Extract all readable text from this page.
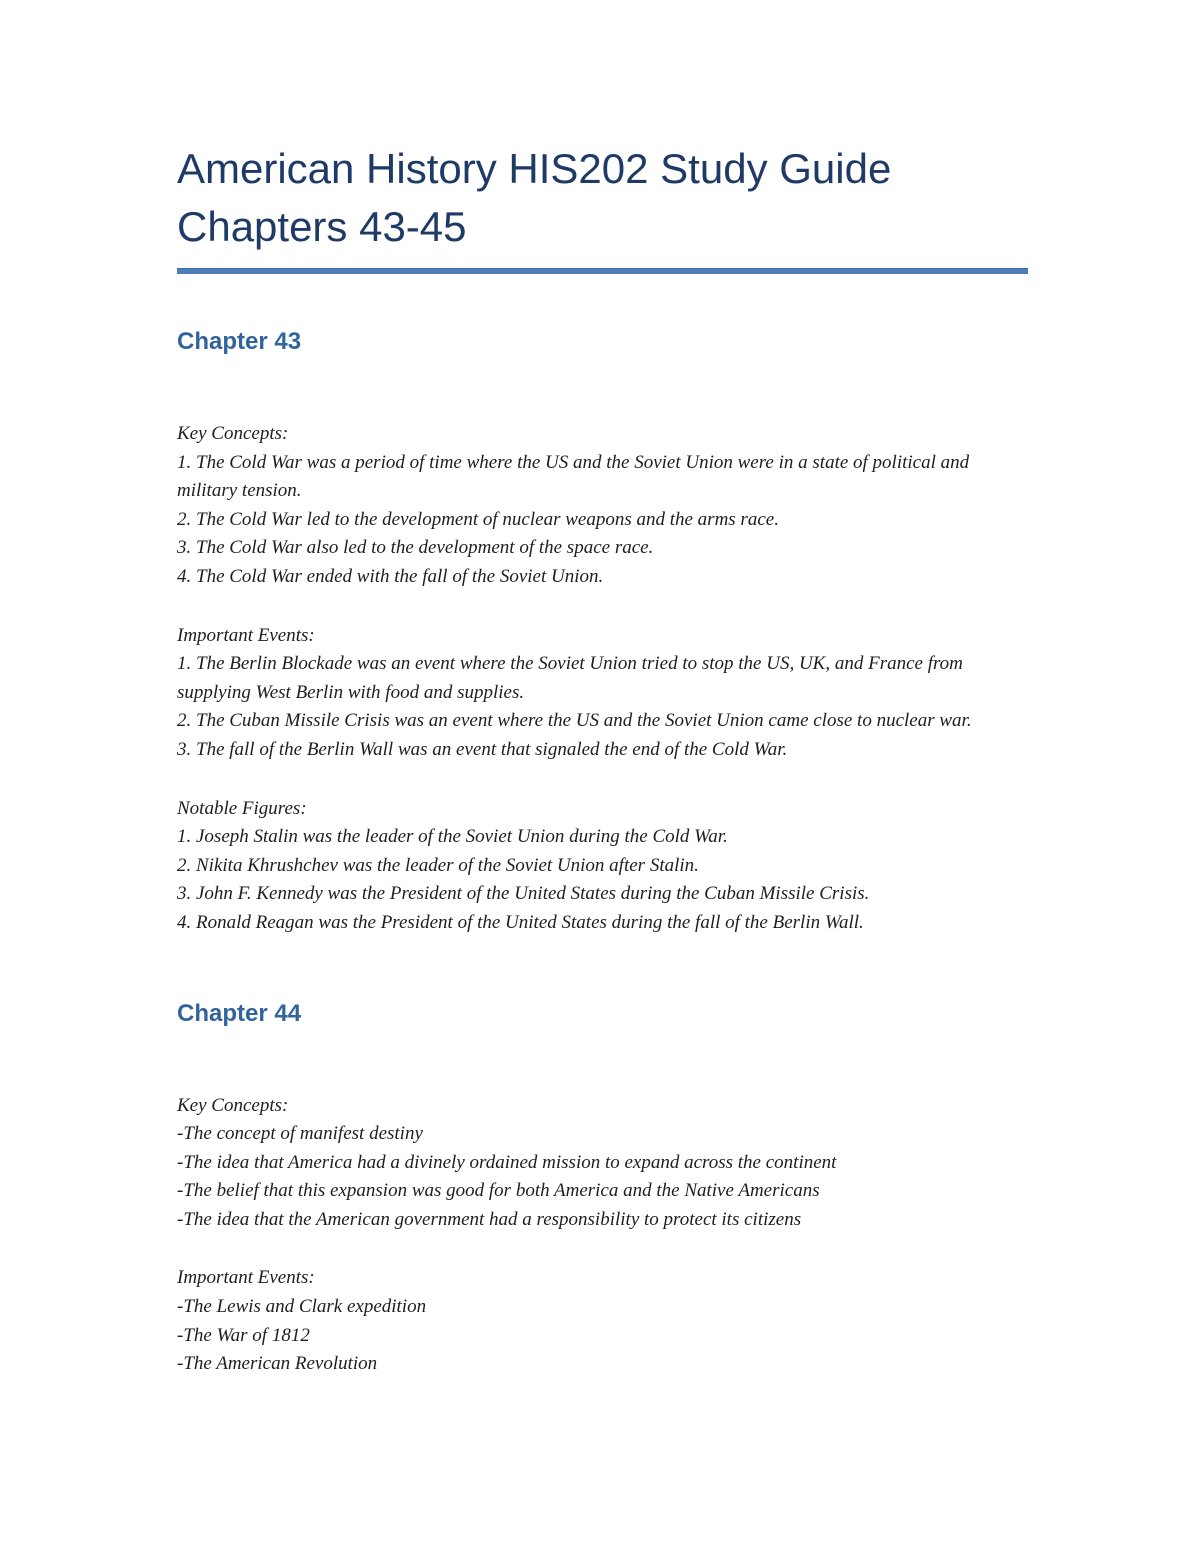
American History HIS202 Study Guide
Chapters 43-45
Chapter 43

Key Concepts:

1. The Cold War was a period of time where the US and the Soviet Union were in a state of political and military tension.

2. The Cold War led to the development of nuclear weapons and the arms race.

3. The Cold War also led to the development of the space race.

4. The Cold War ended with the fall of the Soviet Union.

Important Events:

1. The Berlin Blockade was an event where the Soviet Union tried to stop the US, UK, and France from supplying West Berlin with food and supplies.

2. The Cuban Missile Crisis was an event where the US and the Soviet Union came close to nuclear war.

3. The fall of the Berlin Wall was an event that signaled the end of the Cold War.

Notable Figures:

1. Joseph Stalin was the leader of the Soviet Union during the Cold War.

2. Nikita Khrushchev was the leader of the Soviet Union after Stalin.

3. John F. Kennedy was the President of the United States during the Cuban Missile Crisis.

4. Ronald Reagan was the President of the United States during the fall of the Berlin Wall.

Chapter 44

Key Concepts:

-The concept of manifest destiny

-The idea that America had a divinely ordained mission to expand across the continent

-The belief that this expansion was good for both America and the Native Americans

-The idea that the American government had a responsibility to protect its citizens

Important Events:

-The Lewis and Clark expedition

-The War of 1812

-The American Revolution
